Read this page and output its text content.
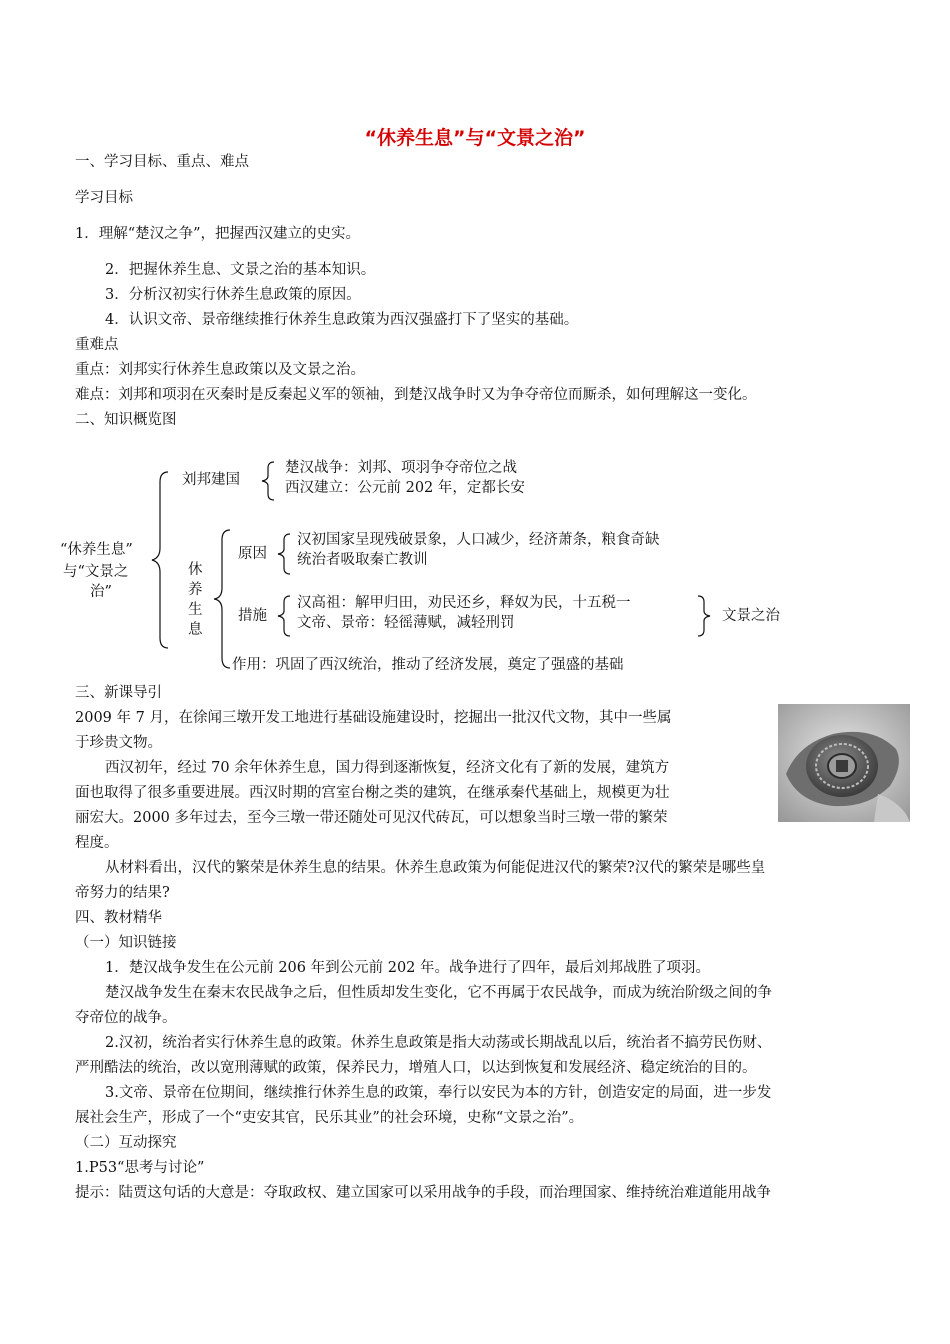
“休养生息”与“文景之治”
一、学习目标、重点、难点
学习目标
1．理解“楚汉之争”，把握西汉建立的史实。
2．把握休养生息、文景之治的基本知识。
3．分析汉初实行休养生息政策的原因。
4．认识文帝、景帝继续推行休养生息政策为西汉强盛打下了坚实的基础。
重难点
重点：刘邦实行休养生息政策以及文景之治。
难点：刘邦和项羽在灭秦时是反秦起义军的领袖，到楚汉战争时又为争夺帝位而厮杀，如何理解这一变化。
二、知识概览图
“休养生息”
与“文景之
治”
刘邦建国
楚汉战争：刘邦、项羽争夺帝位之战
西汉建立：公元前 202 年，定都长安
休
养
生
息
原因
汉初国家呈现残破景象，人口减少，经济萧条，粮食奇缺
统治者吸取秦亡教训
措施
汉高祖：解甲归田，劝民还乡，释奴为民，十五税一
文帝、景帝：轻徭薄赋，减轻刑罚	文景之治
作用：巩固了西汉统治，推动了经济发展，奠定了强盛的基础
三、新课导引
2009 年 7 月，在徐闻三墩开发工地进行基础设施建设时，挖掘出一批汉代文物，其中一些属
于珍贵文物。
西汉初年，经过 70 余年休养生息，国力得到逐渐恢复，经济文化有了新的发展，建筑方
面也取得了很多重要进展。西汉时期的宫室台榭之类的建筑，在继承秦代基础上，规模更为壮
丽宏大。2000 多年过去，至今三墩一带还随处可见汉代砖瓦，可以想象当时三墩一带的繁荣
程度。
从材料看出，汉代的繁荣是休养生息的结果。休养生息政策为何能促进汉代的繁荣?汉代的繁荣是哪些皇
帝努力的结果?
四、教材精华
（一）知识链接
1．楚汉战争发生在公元前 206 年到公元前 202 年。战争进行了四年，最后刘邦战胜了项羽。
楚汉战争发生在秦末农民战争之后，但性质却发生变化，它不再属于农民战争，而成为统治阶级之间的争
夺帝位的战争。
2.汉初，统治者实行休养生息的政策。休养生息政策是指大动荡或长期战乱以后，统治者不搞劳民伤财、
严刑酷法的统治，改以宽刑薄赋的政策，保养民力，增殖人口，以达到恢复和发展经济、稳定统治的目的。
3.文帝、景帝在位期间，继续推行休养生息的政策，奉行以安民为本的方针，创造安定的局面，进一步发
展社会生产，形成了一个“吏安其官，民乐其业”的社会环境，史称“文景之治”。
（二）互动探究
1.P53“思考与讨论”
提示：陆贾这句话的大意是：夺取政权、建立国家可以采用战争的手段，而治理国家、维持统治难道能用战争
